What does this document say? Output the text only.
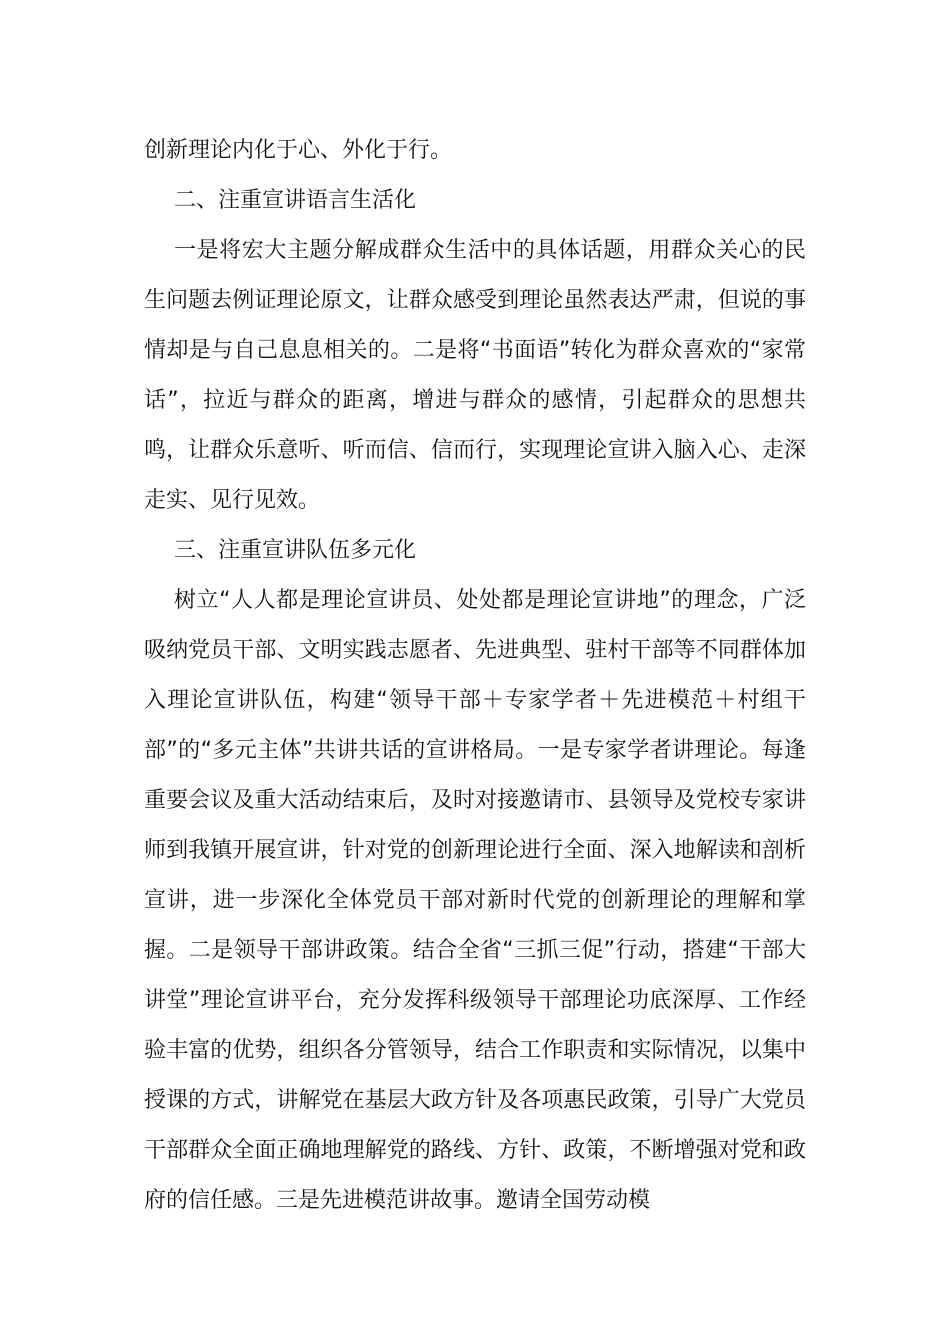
创新理论内化于心、外化于行。

二、注重宣讲语言生活化

一是将宏大主题分解成群众生活中的具体话题，用群众关心的民生问题去例证理论原文，让群众感受到理论虽然表达严肃，但说的事情却是与自己息息相关的。二是将“书面语”转化为群众喜欢的“家常话”，拉近与群众的距离，增进与群众的感情，引起群众的思想共鸣，让群众乐意听、听而信、信而行，实现理论宣讲入脑入心、走深走实、见行见效。

三、注重宣讲队伍多元化

树立“人人都是理论宣讲员、处处都是理论宣讲地”的理念，广泛吸纳党员干部、文明实践志愿者、先进典型、驻村干部等不同群体加入理论宣讲队伍，构建“领导干部＋专家学者＋先进模范＋村组干部”的“多元主体”共讲共话的宣讲格局。一是专家学者讲理论。每逢重要会议及重大活动结束后，及时对接邀请市、县领导及党校专家讲师到我镇开展宣讲，针对党的创新理论进行全面、深入地解读和剖析宣讲，进一步深化全体党员干部对新时代党的创新理论的理解和掌握。二是领导干部讲政策。结合全省“三抓三促”行动，搭建“干部大讲堂”理论宣讲平台，充分发挥科级领导干部理论功底深厚、工作经验丰富的优势，组织各分管领导，结合工作职责和实际情况，以集中授课的方式，讲解党在基层大政方针及各项惠民政策，引导广大党员干部群众全面正确地理解党的路线、方针、政策，不断增强对党和政府的信任感。三是先进模范讲故事。邀请全国劳动模
